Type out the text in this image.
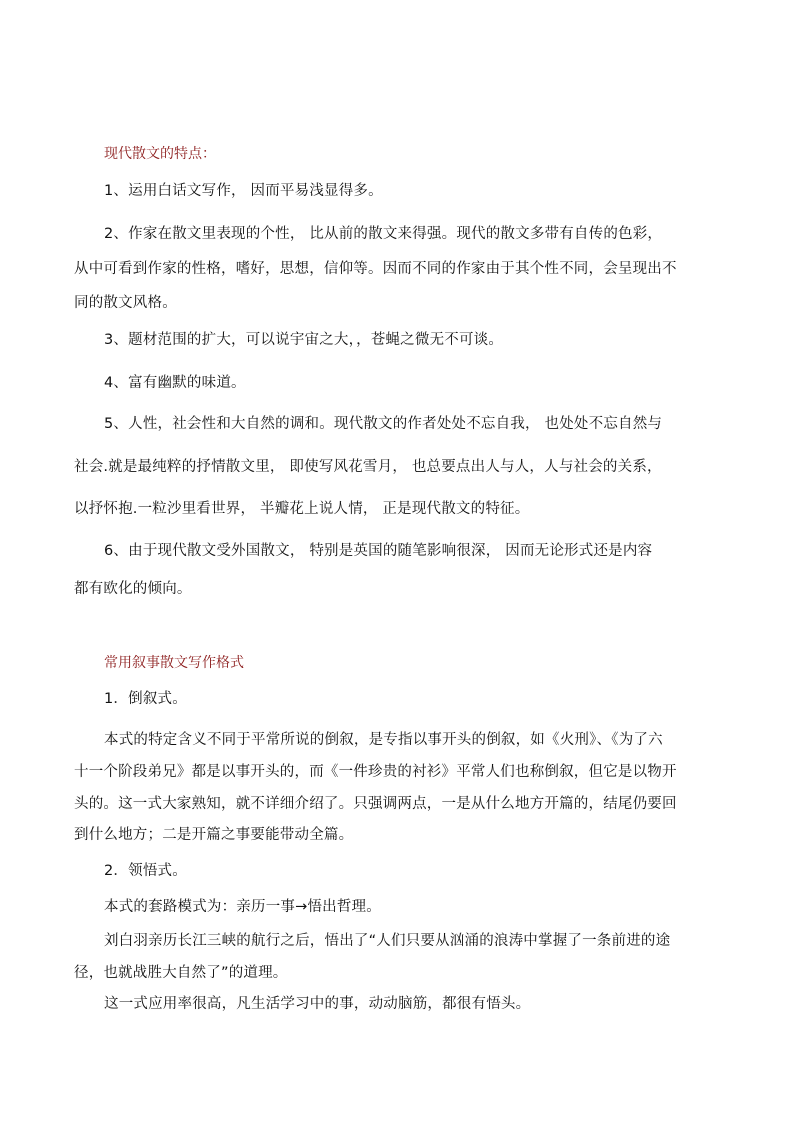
现代散文的特点：
1、运用白话文写作， 因而平易浅显得多。
2、作家在散文里表现的个性， 比从前的散文来得强。现代的散文多带有自传的色彩，
从中可看到作家的性格，嗜好，思想，信仰等。因而不同的作家由于其个性不同，会呈现出不
同的散文风格。
3、题材范围的扩大，可以说宇宙之大，，苍蝇之微无不可谈。
4、富有幽默的味道。
5、人性，社会性和大自然的调和。现代散文的作者处处不忘自我， 也处处不忘自然与
社会.就是最纯粹的抒情散文里， 即使写风花雪月， 也总要点出人与人，人与社会的关系，
以抒怀抱.一粒沙里看世界， 半瓣花上说人情， 正是现代散文的特征。
6、由于现代散文受外国散文， 特别是英国的随笔影响很深， 因而无论形式还是内容
都有欧化的倾向。
常用叙事散文写作格式
1．倒叙式。
本式的特定含义不同于平常所说的倒叙，是专指以事开头的倒叙，如《火刑》、《为了六
十一个阶段弟兄》都是以事开头的，而《一件珍贵的衬衫》平常人们也称倒叙，但它是以物开
头的。这一式大家熟知，就不详细介绍了。只强调两点，一是从什么地方开篇的，结尾仍要回
到什么地方；二是开篇之事要能带动全篇。
2．领悟式。
本式的套路模式为：亲历一事→悟出哲理。
刘白羽亲历长江三峡的航行之后，悟出了“人们只要从汹涌的浪涛中掌握了一条前进的途
径，也就战胜大自然了”的道理。
这一式应用率很高，凡生活学习中的事，动动脑筋，都很有悟头。
